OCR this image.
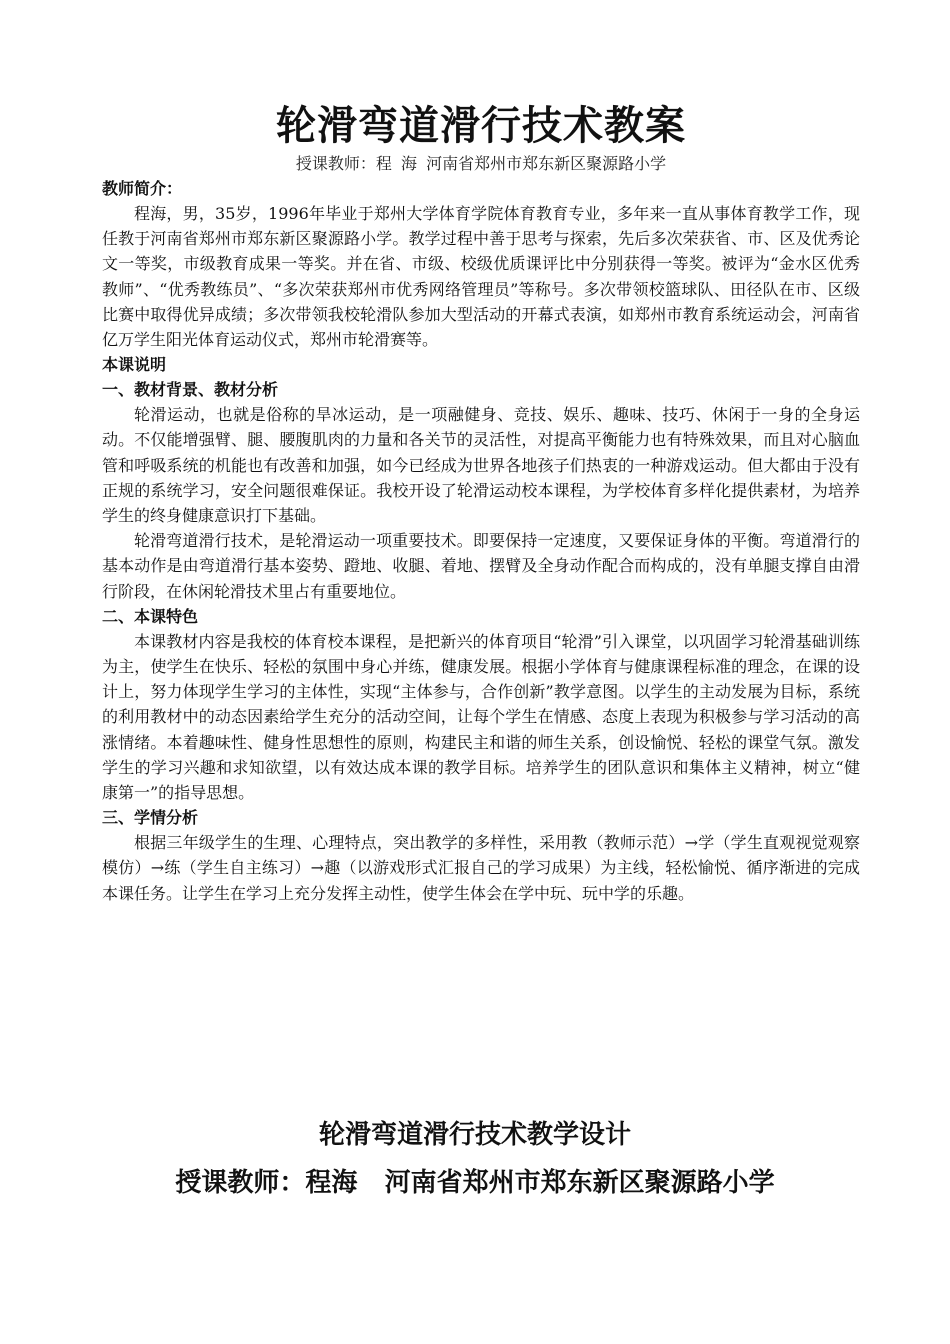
轮滑弯道滑行技术教案

授课教师：程 海 河南省郑州市郑东新区聚源路小学

教师简介：

程海，男，35岁，1996年毕业于郑州大学体育学院体育教育专业，多年来一直从事体育教学工作，现任教于河南省郑州市郑东新区聚源路小学。教学过程中善于思考与探索，先后多次荣获省、市、区及优秀论文一等奖，市级教育成果一等奖。并在省、市级、校级优质课评比中分别获得一等奖。被评为“金水区优秀教师”、“优秀教练员”、“多次荣获郑州市优秀网络管理员”等称号。多次带领校篮球队、田径队在市、区级比赛中取得优异成绩；多次带领我校轮滑队参加大型活动的开幕式表演，如郑州市教育系统运动会，河南省亿万学生阳光体育运动仪式，郑州市轮滑赛等。

本课说明

一、教材背景、教材分析

轮滑运动，也就是俗称的旱冰运动，是一项融健身、竞技、娱乐、趣味、技巧、休闲于一身的全身运动。不仅能增强臂、腿、腰腹肌肉的力量和各关节的灵活性，对提高平衡能力也有特殊效果，而且对心脑血管和呼吸系统的机能也有改善和加强，如今已经成为世界各地孩子们热衷的一种游戏运动。但大都由于没有正规的系统学习，安全问题很难保证。我校开设了轮滑运动校本课程，为学校体育多样化提供素材，为培养学生的终身健康意识打下基础。

轮滑弯道滑行技术，是轮滑运动一项重要技术。即要保持一定速度，又要保证身体的平衡。弯道滑行的基本动作是由弯道滑行基本姿势、蹬地、收腿、着地、摆臂及全身动作配合而构成的，没有单腿支撑自由滑行阶段，在休闲轮滑技术里占有重要地位。

二、本课特色

本课教材内容是我校的体育校本课程，是把新兴的体育项目“轮滑”引入课堂，以巩固学习轮滑基础训练为主，使学生在快乐、轻松的氛围中身心并练，健康发展。根据小学体育与健康课程标准的理念，在课的设计上，努力体现学生学习的主体性，实现“主体参与，合作创新”教学意图。以学生的主动发展为目标，系统的利用教材中的动态因素给学生充分的活动空间，让每个学生在情感、态度上表现为积极参与学习活动的高涨情绪。本着趣味性、健身性思想性的原则，构建民主和谐的师生关系，创设愉悦、轻松的课堂气氛。激发学生的学习兴趣和求知欲望，以有效达成本课的教学目标。培养学生的团队意识和集体主义精神，树立“健康第一”的指导思想。

三、学情分析

根据三年级学生的生理、心理特点，突出教学的多样性，采用教（教师示范）→学（学生直观视觉观察模仿）→练（学生自主练习）→趣（以游戏形式汇报自己的学习成果）为主线，轻松愉悦、循序渐进的完成本课任务。让学生在学习上充分发挥主动性，使学生体会在学中玩、玩中学的乐趣。

轮滑弯道滑行技术教学设计

授课教师：程海   河南省郑州市郑东新区聚源路小学
